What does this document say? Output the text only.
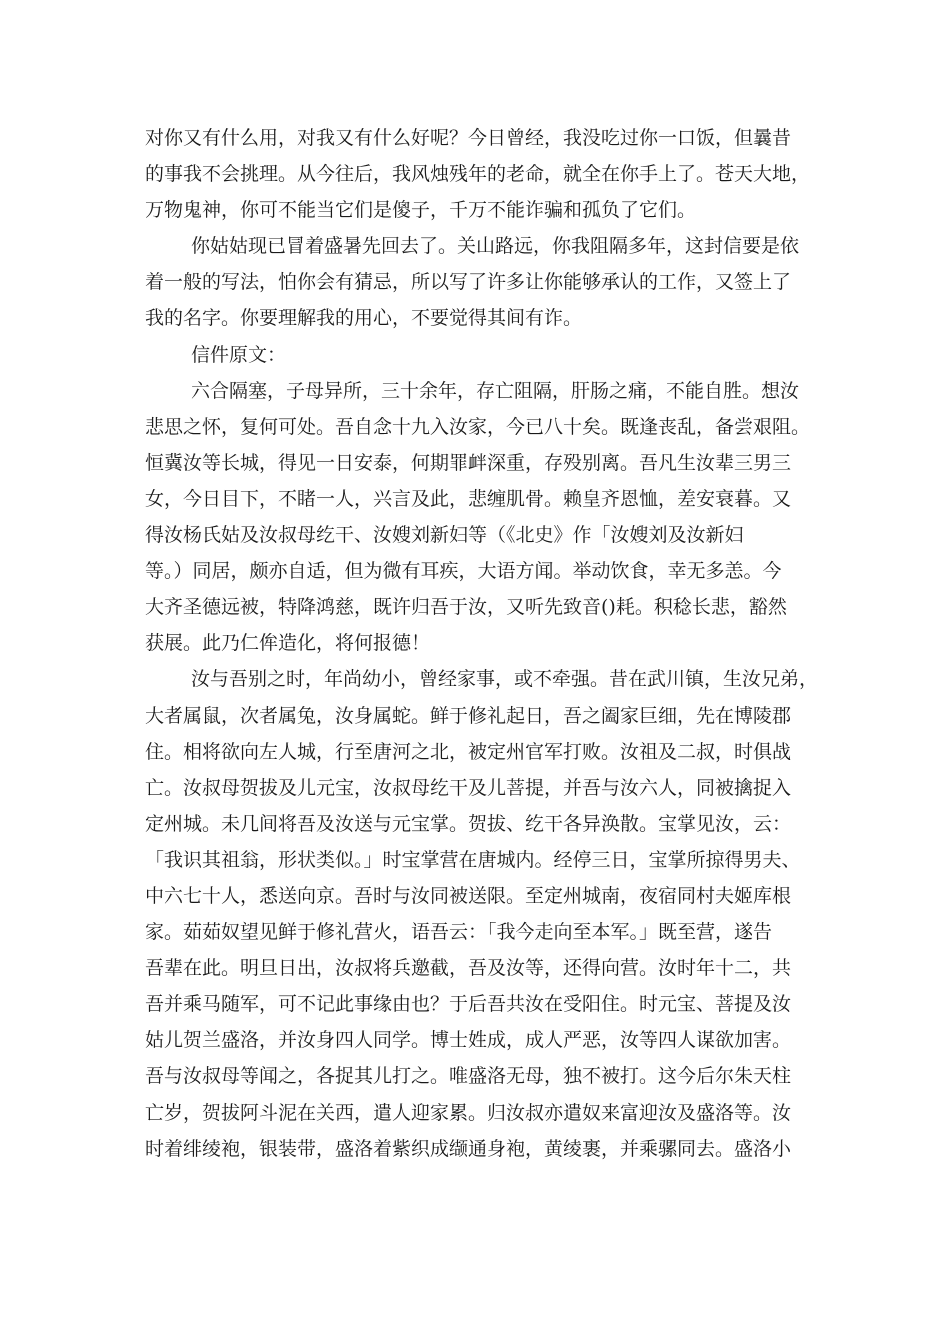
对你又有什么用，对我又有什么好呢？今日曾经，我没吃过你一口饭，但曩昔
的事我不会挑理。从今往后，我风烛残年的老命，就全在你手上了。苍天大地，
万物鬼神，你可不能当它们是傻子，千万不能诈骗和孤负了它们。
你姑姑现已冒着盛暑先回去了。关山路远，你我阻隔多年，这封信要是依
着一般的写法，怕你会有猜忌，所以写了许多让你能够承认的工作，又签上了
我的名字。你要理解我的用心，不要觉得其间有诈。
信件原文：
六合隔塞，子母异所，三十余年，存亡阻隔，肝肠之痛，不能自胜。想汝
悲思之怀，复何可处。吾自念十九入汝家，今已八十矣。既逢丧乱，备尝艰阻。
恒冀汝等长城，得见一日安泰，何期罪衅深重，存殁别离。吾凡生汝辈三男三
女，今日目下，不睹一人，兴言及此，悲缠肌骨。赖皇齐恩恤，差安衰暮。又
得汝杨氏姑及汝叔母纥干、汝嫂刘新妇等（《北史》作「汝嫂刘及汝新妇
等。）同居，颇亦自适，但为微有耳疾，大语方闻。举动饮食，幸无多恙。今
大齐圣德远被，特降鸿慈，既许归吾于汝，又听先致音()耗。积稔长悲，豁然
获展。此乃仁侔造化，将何报德！
汝与吾别之时，年尚幼小，曾经家事，或不牵强。昔在武川镇，生汝兄弟，
大者属鼠，次者属兔，汝身属蛇。鲜于修礼起日，吾之阖家巨细，先在博陵郡
住。相将欲向左人城，行至唐河之北，被定州官军打败。汝祖及二叔，时俱战
亡。汝叔母贺拔及儿元宝，汝叔母纥干及儿菩提，并吾与汝六人，同被擒捉入
定州城。未几间将吾及汝送与元宝掌。贺拔、纥干各异涣散。宝掌见汝，云：
「我识其祖翁，形状类似。」时宝掌营在唐城内。经停三日，宝掌所掠得男夫、
中六七十人，悉送向京。吾时与汝同被送限。至定州城南，夜宿同村夫姬库根
家。茹茹奴望见鲜于修礼营火，语吾云：「我今走向至本军。」既至营，遂告
吾辈在此。明旦日出，汝叔将兵邀截，吾及汝等，还得向营。汝时年十二，共
吾并乘马随军，可不记此事缘由也？于后吾共汝在受阳住。时元宝、菩提及汝
姑儿贺兰盛洛，并汝身四人同学。博士姓成，成人严恶，汝等四人谋欲加害。
吾与汝叔母等闻之，各捉其儿打之。唯盛洛无母，独不被打。这今后尔朱天柱
亡岁，贺拔阿斗泥在关西，遣人迎家累。归汝叔亦遣奴来富迎汝及盛洛等。汝
时着绯绫袍，银装带，盛洛着紫织成缬通身袍，黄绫裹，并乘骡同去。盛洛小
